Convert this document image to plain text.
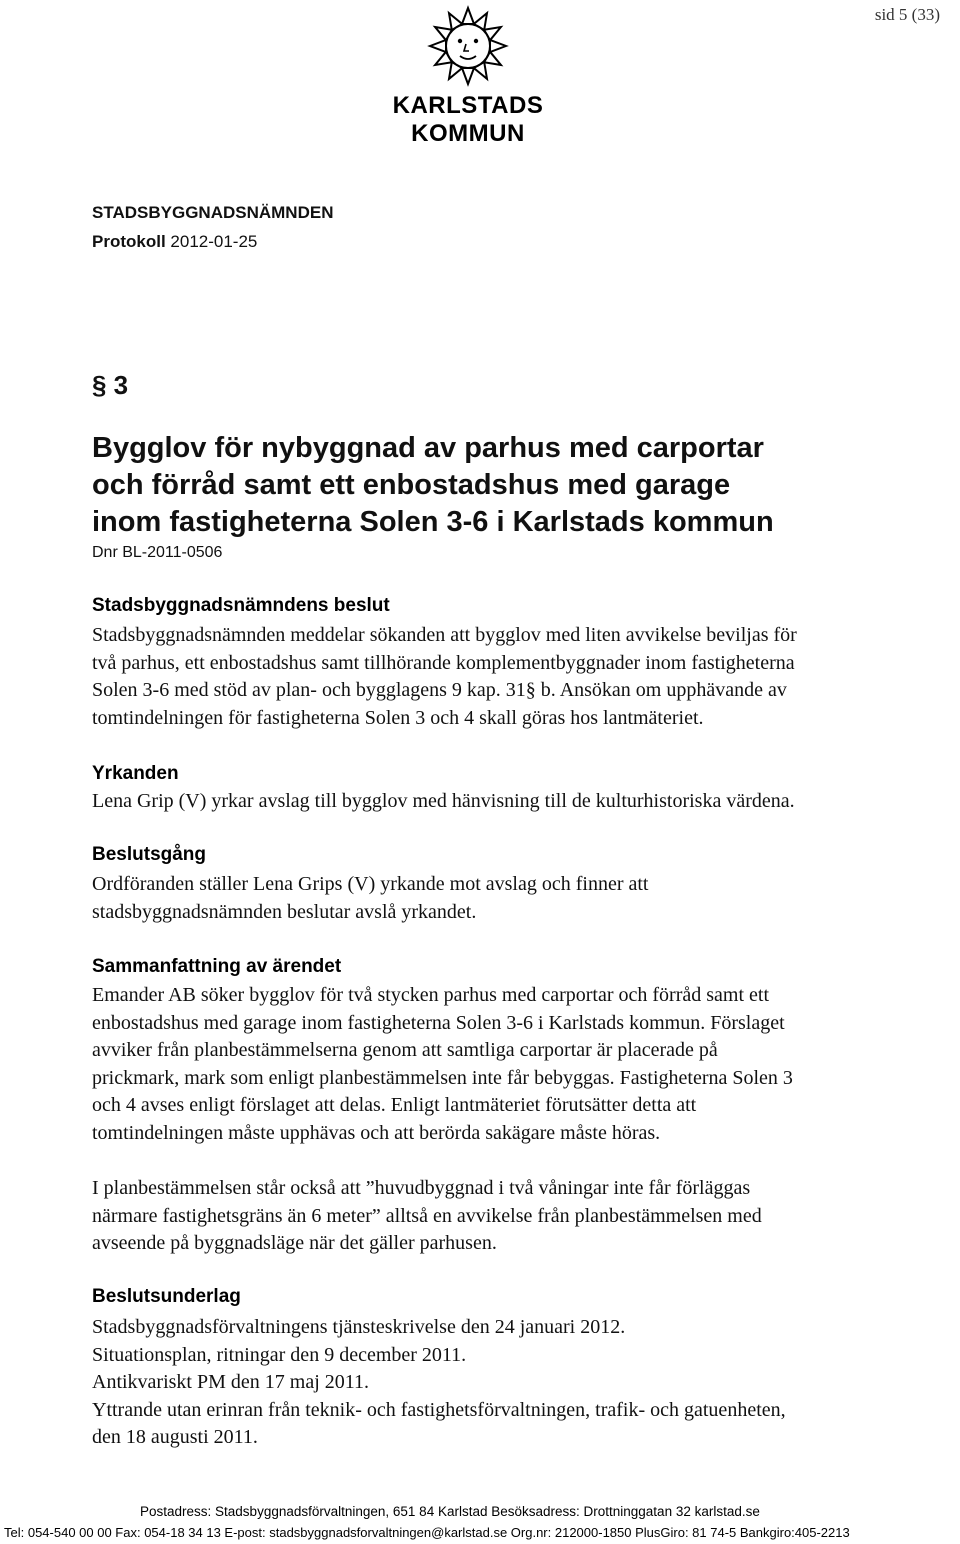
sid 5 (33)
KARLSTADS KOMMUN
STADSBYGGNADSNÄMNDEN
Protokoll 2012-01-25
§ 3
Bygglov för nybyggnad av parhus med carportar
och förråd samt ett enbostadshus med garage
inom fastigheterna Solen 3-6 i Karlstads kommun
Dnr BL-2011-0506
Stadsbyggnadsnämndens beslut
Stadsbyggnadsnämnden meddelar sökanden att bygglov med liten avvikelse beviljas för
två parhus, ett enbostadshus samt tillhörande komplementbyggnader inom fastigheterna
Solen 3-6 med stöd av plan- och bygglagens 9 kap. 31§ b. Ansökan om upphävande av
tomtindelningen för fastigheterna Solen 3 och 4 skall göras hos lantmäteriet.
Yrkanden
Lena Grip (V) yrkar avslag till bygglov med hänvisning till de kulturhistoriska värdena.
Beslutsgång
Ordföranden ställer Lena Grips (V) yrkande mot avslag och finner att
stadsbyggnadsnämnden beslutar avslå yrkandet.
Sammanfattning av ärendet
Emander AB söker bygglov för två stycken parhus med carportar och förråd samt ett
enbostadshus med garage inom fastigheterna Solen 3-6 i Karlstads kommun. Förslaget
avviker från planbestämmelserna genom att samtliga carportar är placerade på
prickmark, mark som enligt planbestämmelsen inte får bebyggas. Fastigheterna Solen 3
och 4 avses enligt förslaget att delas. Enligt lantmäteriet förutsätter detta att
tomtindelningen måste upphävas och att berörda sakägare måste höras.
I planbestämmelsen står också att ”huvudbyggnad i två våningar inte får förläggas
närmare fastighetsgräns än 6 meter” alltså en avvikelse från planbestämmelsen med
avseende på byggnadsläge när det gäller parhusen.
Beslutsunderlag
Stadsbyggnadsförvaltningens tjänsteskrivelse den 24 januari 2012.
Situationsplan, ritningar den 9 december 2011.
Antikvariskt PM den 17 maj 2011.
Yttrande utan erinran från teknik- och fastighetsförvaltningen, trafik- och gatuenheten,
den 18 augusti 2011.
Postadress: Stadsbyggnadsförvaltningen, 651 84 Karlstad Besöksadress: Drottninggatan 32 karlstad.se
Tel: 054-540 00 00 Fax: 054-18 34 13 E-post: stadsbyggnadsforvaltningen@karlstad.se Org.nr: 212000-1850 PlusGiro: 81 74-5 Bankgiro:405-2213
